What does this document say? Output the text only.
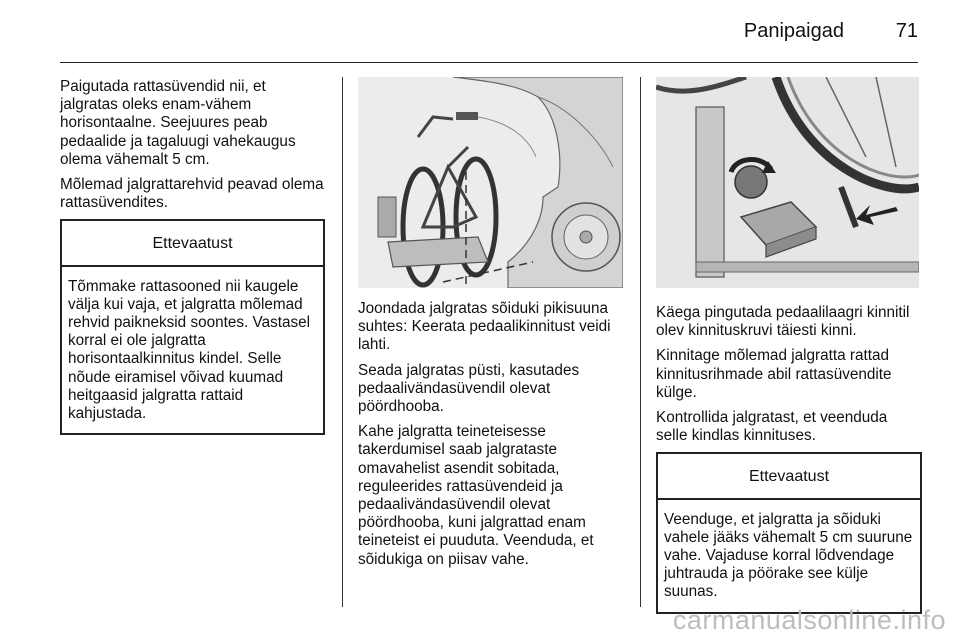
Panipaigad	71

Paigutada rattasüvendid nii, et jalgratas oleks enam-vähem horisontaalne. Seejuures peab pedaalide ja tagaluugi vahekaugus olema vähemalt 5 cm.

Mõlemad jalgrattarehvid peavad olema rattasüvendites.

Ettevaatust
Tõmmake rattasooned nii kaugele välja kui vaja, et jalgratta mõlemad rehvid paikneksid soontes. Vastasel korral ei ole jalgratta horisontaalkinnitus kindel. Selle nõude eiramisel võivad kuumad heitgaasid jalgratta rattaid kahjustada.

Joondada jalgratas sõiduki pikisuuna suhtes: Keerata pedaalikinnitust veidi lahti.

Seada jalgratas püsti, kasutades pedaalivändasüvendil olevat pöördhooba.

Kahe jalgratta teineteisesse takerdumisel saab jalgrataste omavahelist asendit sobitada, reguleerides rattasüvendeid ja pedaalivändasüvendil olevat pöördhooba, kuni jalgrattad enam teineteist ei puuduta. Veenduda, et sõidukiga on piisav vahe.

Käega pingutada pedaalilaagri kinnitil olev kinnituskruvi täiesti kinni.

Kinnitage mõlemad jalgratta rattad kinnitusrihmade abil rattasüvendite külge.

Kontrollida jalgratast, et veenduda selle kindlas kinnituses.

Ettevaatust
Veenduge, et jalgratta ja sõiduki vahele jääks vähemalt 5 cm suurune vahe. Vajaduse korral lõdvendage juhtrauda ja pöörake see külje suunas.
carmanualsonline.info
